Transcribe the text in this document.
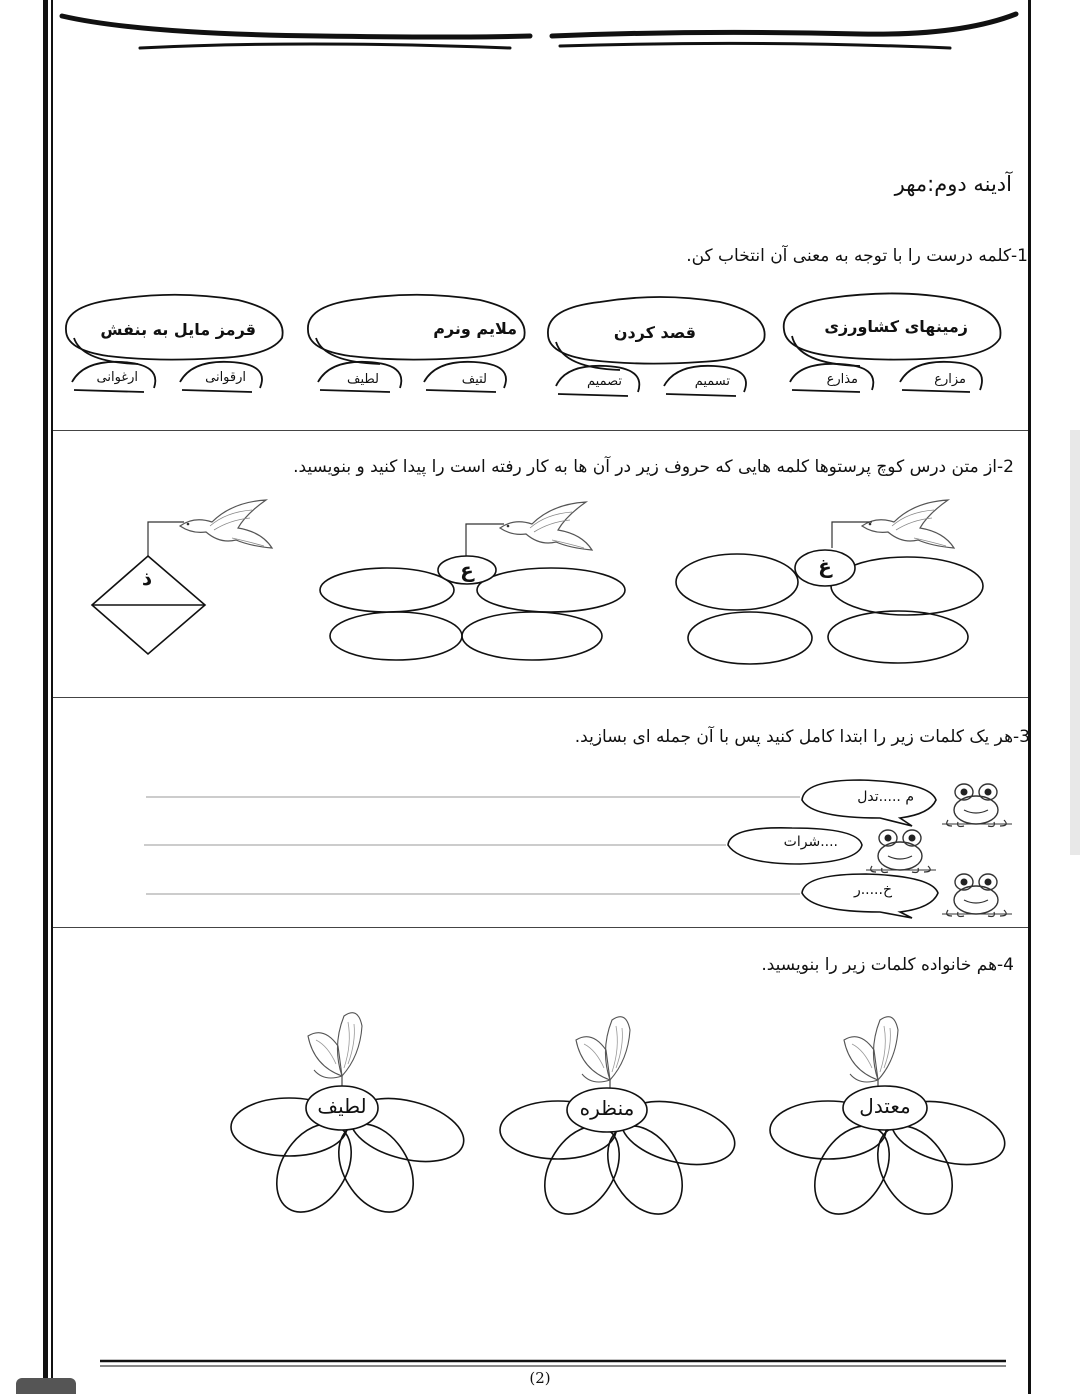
آدینه دوم:مهر
1-کلمه درست را با توجه به معنی آن انتخاب کن.
زمینهای کشاورزی
مزارع
مذارع
قصد کردن
تسمیم
تصمیم
ملایم ونرم
لتیف
لطیف
قرمز مایل به بنفش
ارقوانی
ارغوانی
2-از متن درس کوچ پرستوها کلمه هایی که حروف زیر در آن ها به کار رفته است را پیدا کنید و بنویسید.
غ
ع
ذ
3-هر یک کلمات زیر را ابتدا کامل کنید پس با آن جمله ای بسازید.
م .....تدل
....شرات
خ.....ر
4-هم خانواده کلمات زیر را بنویسید.
معتدل
منظره
لطیف
(2)
